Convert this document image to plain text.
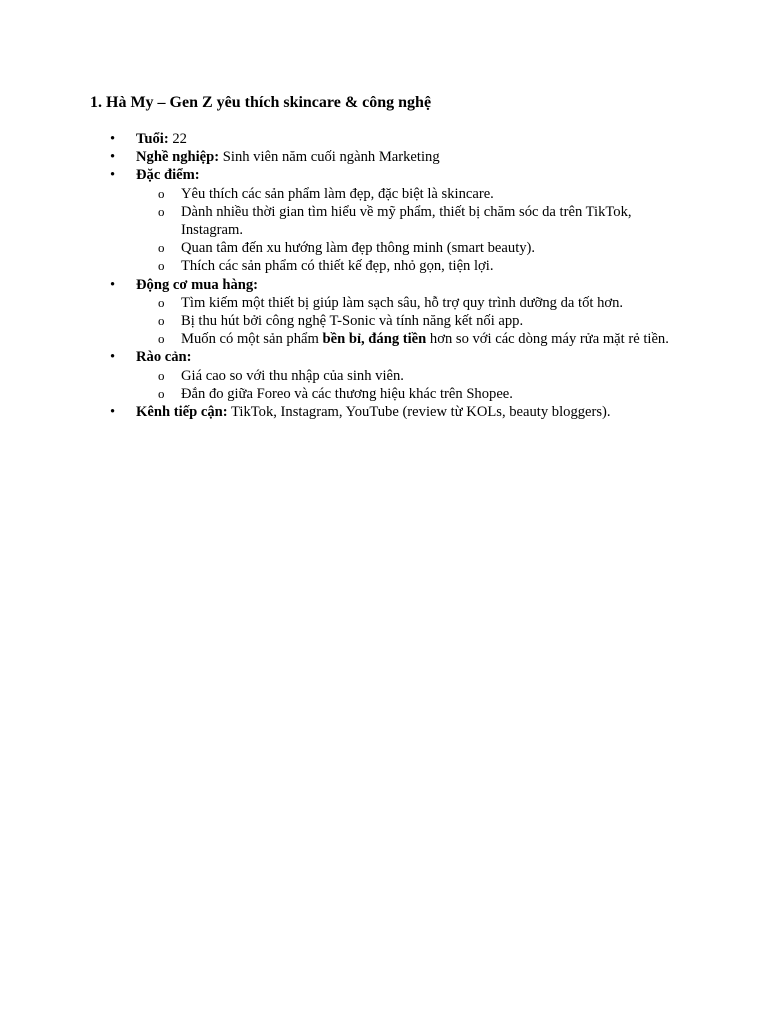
1. Hà My – Gen Z yêu thích skincare & công nghệ
•	Tuổi: 22
•	Nghề nghiệp: Sinh viên năm cuối ngành Marketing
•	Đặc điểm:
o Yêu thích các sản phẩm làm đẹp, đặc biệt là skincare.
o Dành nhiều thời gian tìm hiểu về mỹ phẩm, thiết bị chăm sóc da trên TikTok, Instagram.
o Quan tâm đến xu hướng làm đẹp thông minh (smart beauty).
o Thích các sản phẩm có thiết kế đẹp, nhỏ gọn, tiện lợi.
•	Động cơ mua hàng:
o Tìm kiếm một thiết bị giúp làm sạch sâu, hỗ trợ quy trình dưỡng da tốt hơn.
o Bị thu hút bởi công nghệ T-Sonic và tính năng kết nối app.
o Muốn có một sản phẩm bền bỉ, đáng tiền hơn so với các dòng máy rửa mặt rẻ tiền.
•	Rào cản:
o Giá cao so với thu nhập của sinh viên.
o Đắn đo giữa Foreo và các thương hiệu khác trên Shopee.
•	Kênh tiếp cận: TikTok, Instagram, YouTube (review từ KOLs, beauty bloggers).
